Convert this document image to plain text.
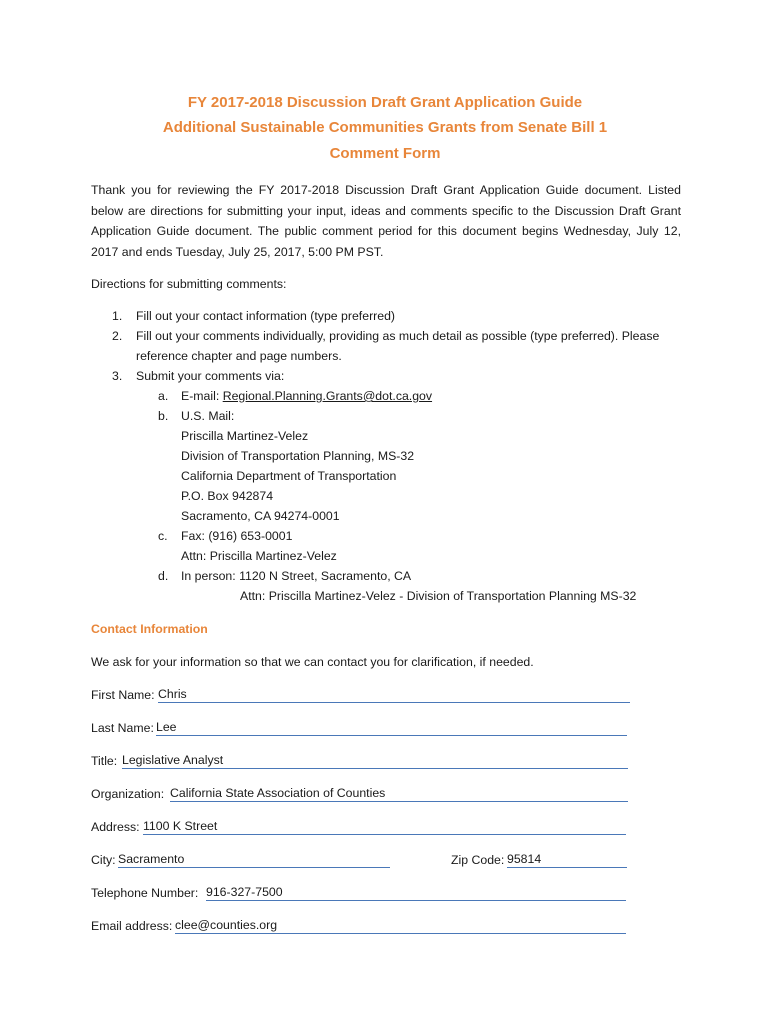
FY 2017-2018 Discussion Draft Grant Application Guide
Additional Sustainable Communities Grants from Senate Bill 1
Comment Form
Thank you for reviewing the FY 2017-2018 Discussion Draft Grant Application Guide document. Listed below are directions for submitting your input, ideas and comments specific to the Discussion Draft Grant Application Guide document. The public comment period for this document begins Wednesday, July 12, 2017 and ends Tuesday, July 25, 2017, 5:00 PM PST.
Directions for submitting comments:
1. Fill out your contact information (type preferred)
2. Fill out your comments individually, providing as much detail as possible (type preferred). Please
reference chapter and page numbers.
3. Submit your comments via:
a. E-mail: Regional.Planning.Grants@dot.ca.gov
b. U.S. Mail:
Priscilla Martinez-Velez
Division of Transportation Planning, MS-32
California Department of Transportation
P.O. Box 942874
Sacramento, CA 94274-0001
c. Fax: (916) 653-0001
Attn: Priscilla Martinez-Velez
d. In person: 1120 N Street, Sacramento, CA
Attn: Priscilla Martinez-Velez - Division of Transportation Planning MS-32
Contact Information
We ask for your information so that we can contact you for clarification, if needed.
First Name: Chris
Last Name: Lee
Title: Legislative Analyst
Organization: California State Association of Counties
Address: 1100 K Street
City: Sacramento	Zip Code: 95814
Telephone Number: 916-327-7500
Email address: clee@counties.org
